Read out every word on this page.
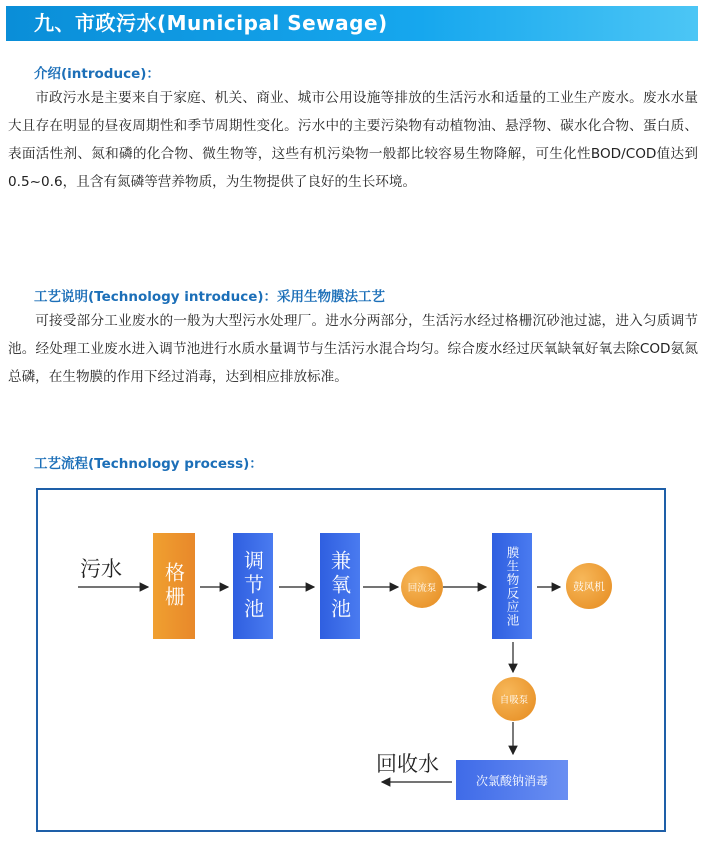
九、市政污水(Municipal Sewage)
介绍(introduce)：

市政污水是主要来自于家庭、机关、商业、城市公用设施等排放的生活污水和适量的工业生产废水。废水水量大且存在明显的昼夜周期性和季节周期性变化。污水中的主要污染物有动植物油、悬浮物、碳水化合物、蛋白质、表面活性剂、氮和磷的化合物、微生物等，这些有机污染物一般都比较容易生物降解，可生化性BOD/COD值达到0.5~0.6，且含有氮磷等营养物质，为生物提供了良好的生长环境。

工艺说明(Technology introduce)：采用生物膜法工艺

可接受部分工业废水的一般为大型污水处理厂。进水分两部分，生活污水经过格栅沉砂池过滤，进入匀质调节池。经处理工业废水进入调节池进行水质水量调节与生活污水混合均匀。综合废水经过厌氧缺氧好氧去除COD氨氮总磷，在生物膜的作用下经过消毒，达到相应排放标准。

工艺流程(Technology process)：
污水 格栅	调节池	兼氧池	回流泵	膜生物反应池	鼓风机
自吸泵
次氯酸钠消毒
回收水
